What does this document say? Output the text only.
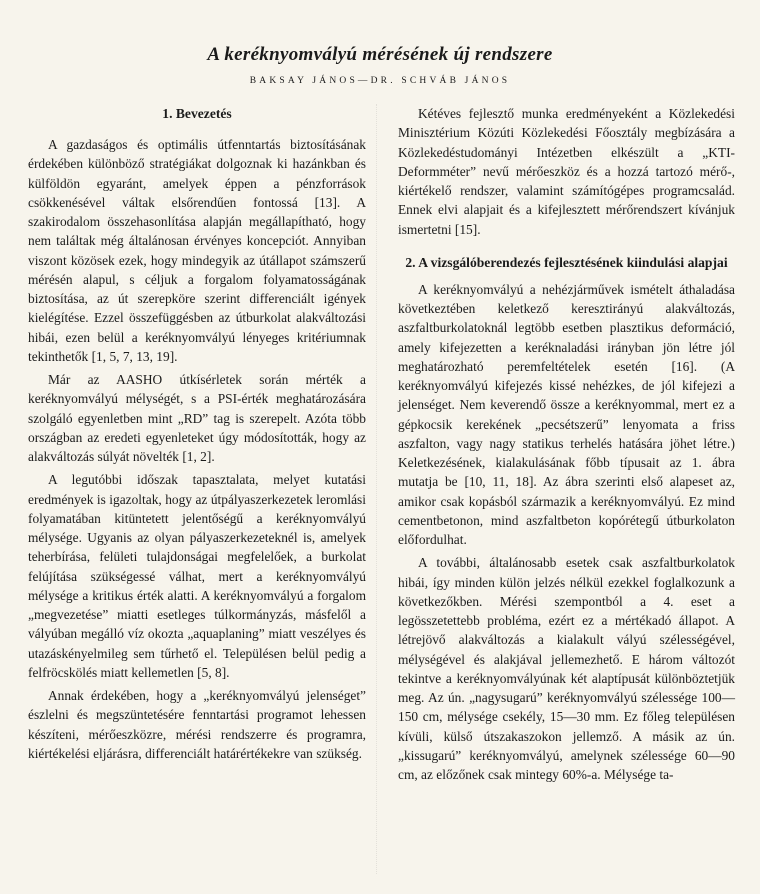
A keréknyomvályú mérésének új rendszere
BAKSAY JÁNOS—DR. SCHVÁB JÁNOS
1. Bevezetés

A gazdaságos és optimális útfenntartás biztosításának érdekében különböző stratégiákat dolgoznak ki hazánkban és külföldön egyaránt, amelyek éppen a pénzforrások csökkenésével váltak elsőrendűen fontossá [13]. A szakirodalom összehasonlítása alapján megállapítható, hogy nem találtak még általánosan érvényes koncepciót. Annyiban viszont közösek ezek, hogy mindegyik az útállapot számszerű mérésén alapul, s céljuk a forgalom folyamatosságának biztosítása, az út szerepköre szerint differenciált igények kielégítése. Ezzel összefüggésben az útburkolat alakváltozási hibái, ezen belül a keréknyomvályú lényeges kritériumnak tekinthetők [1, 5, 7, 13, 19].

Már az AASHO útkísérletek során mérték a keréknyomvályú mélységét, s a PSI-érték meghatározására szolgáló egyenletben mint „RD” tag is szerepelt. Azóta több országban az eredeti egyenleteket úgy módosították, hogy az alakváltozás súlyát növelték [1, 2].

A legutóbbi időszak tapasztalata, melyet kutatási eredmények is igazoltak, hogy az útpályaszerkezetek leromlási folyamatában kitüntetett jelentőségű a keréknyomvályú mélysége. Ugyanis az olyan pályaszerkezeteknél is, amelyek teherbírása, felületi tulajdonságai megfelelőek, a burkolat felújítása szükségessé válhat, mert a keréknyomvályú mélysége a kritikus érték alatti. A keréknyomvályú a forgalom „megvezetése” miatti esetleges túlkormányzás, másfelől a vályúban megálló víz okozta „aquaplaning” miatt veszélyes és utazáskényelmileg sem tűrhető el. Településen belül pedig a felfröcskölés miatt kellemetlen [5, 8].

Annak érdekében, hogy a „keréknyomvályú jelenséget” észlelni és megszüntetésére fenntartási programot lehessen készíteni, mérőeszközre, mérési rendszerre és programra, kiértékelési eljárásra, differenciált határértékekre van szükség.

Kétéves fejlesztő munka eredményeként a Közlekedési Minisztérium Közúti Közlekedési Főosztály megbízására a Közlekedéstudományi Intézetben elkészült a „KTI-Deformméter” nevű mérőeszköz és a hozzá tartozó mérő-, kiértékelő rendszer, valamint számítógépes programcsalád. Ennek elvi alapjait és a kifejlesztett mérőrendszert kívánjuk ismertetni [15].

2. A vizsgálóberendezés fejlesztésének kiindulási alapjai

A keréknyomvályú a nehézjárművek ismételt áthaladása következtében keletkező keresztirányú alakváltozás, aszfaltburkolatoknál legtöbb esetben plasztikus deformáció, amely kifejezetten a keréknaladási irányban jön létre jól meghatározható peremfeltételek esetén [16]. (A keréknyomvályú kifejezés kissé nehézkes, de jól kifejezi a jelenséget. Nem keverendő össze a keréknyommal, mert ez a gépkocsik kerekének „pecsétszerű” lenyomata a friss aszfalton, vagy nagy statikus terhelés hatására jöhet létre.) Keletkezésének, kialakulásának főbb típusait az 1. ábra mutatja be [10, 11, 18]. Az ábra szerinti első alapeset az, amikor csak kopásból származik a keréknyomvályú. Ez mind cementbetonon, mind aszfaltbeton kopórétegű útburkolaton előfordulhat.

A további, általánosabb esetek csak aszfaltburkolatok hibái, így minden külön jelzés nélkül ezekkel foglalkozunk a következőkben. Mérési szempontból a 4. eset a legösszetettebb probléma, ezért ez a mértékadó állapot. A létrejövő alakváltozás a kialakult vályú szélességével, mélységével és alakjával jellemezhető. E három változót tekintve a keréknyomvályúnak két alaptípusát különböztetjük meg. Az ún. „nagysugarú” keréknyomvályú szélessége 100—150 cm, mélysége csekély, 15—30 mm. Ez főleg településen kívüli, külső útszakaszokon jellemző. A másik az ún. „kissugarú” keréknyomvályú, amelynek szélessége 60—90 cm, az előzőnek csak mintegy 60%-a. Mélysége ta-
